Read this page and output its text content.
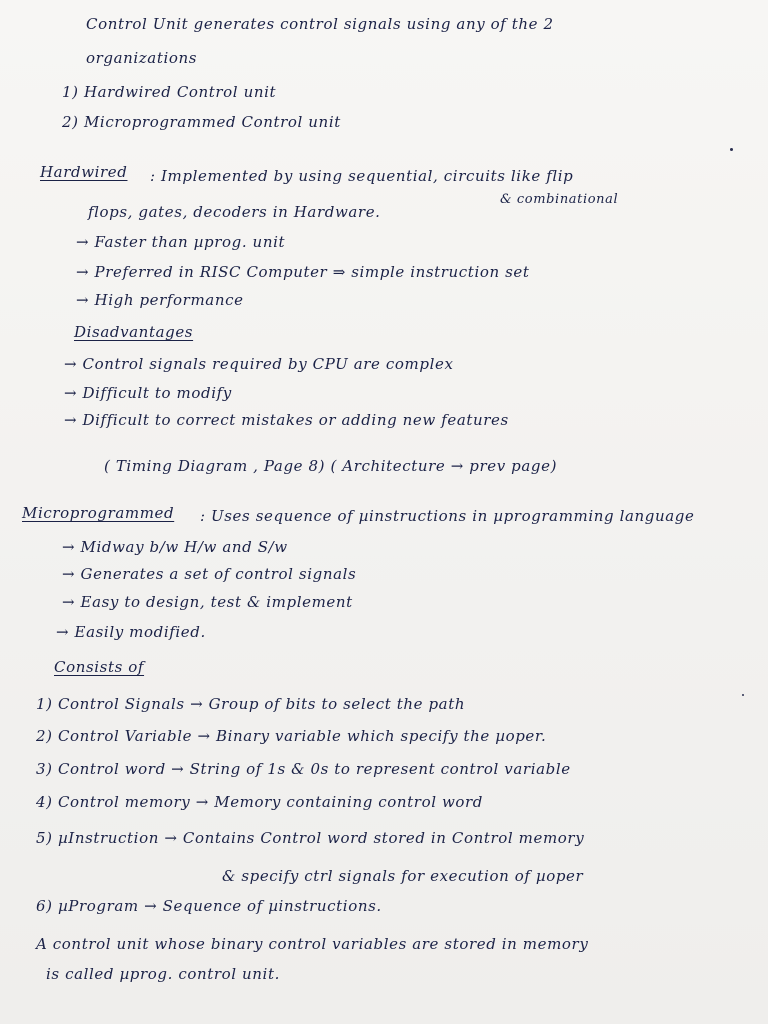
Control Unit generates control signals using any of the 2
organizations
1) Hardwired Control unit
2) Microprogrammed Control unit
Hardwired : Implemented by using sequential, circuits like flip
& combinational
flops, gates, decoders in Hardware.
→ Faster than µprog. unit
→ Preferred in RISC Computer ⇒ simple instruction set
→ High performance
Disadvantages
→ Control signals required by CPU are complex
→ Difficult to modify
→ Difficult to correct mistakes or adding new features
( Timing Diagram , Page 8) ( Architecture → prev page)
Microprogrammed : Uses sequence of µinstructions in µprogramming language
→ Midway b/w H/w and S/w
→ Generates a set of control signals
→ Easy to design, test & implement
→ Easily modified.
Consists of
1) Control Signals → Group of bits to select the path
2) Control Variable → Binary variable which specify the µoper.
3) Control word → String of 1s & 0s to represent control variable
4) Control memory → Memory containing control word
5) µInstruction → Contains Control word stored in Control memory
& specify ctrl signals for execution of µoper
6) µProgram → Sequence of µinstructions.
A control unit whose binary control variables are stored in memory
is called µprog. control unit.
